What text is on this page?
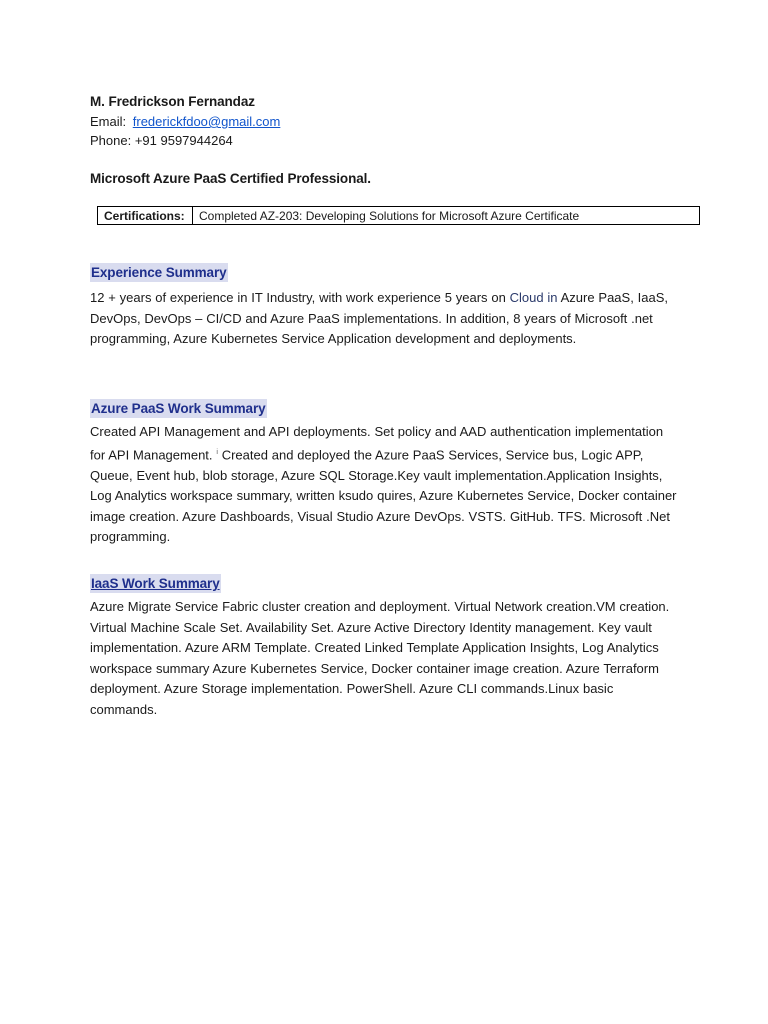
M. Fredrickson Fernandaz

Email: frederickfdoo@gmail.com

Phone: +91 9597944264

Microsoft Azure PaaS Certified Professional.

Certifications:	Completed AZ-203: Developing Solutions for Microsoft Azure Certificate

Experience Summary

12 + years of experience in IT Industry, with work experience 5 years on Cloud in Azure PaaS, IaaS, DevOps, DevOps – CI/CD and Azure PaaS implementations. In addition, 8 years of Microsoft .net programming, Azure Kubernetes Service Application development and deployments.

Azure PaaS Work Summary

Created API Management and API deployments. Set policy and AAD authentication implementation for API Management. $^i$ Created and deployed the Azure PaaS Services, Service bus, Logic APP, Queue, Event hub, blob storage, Azure SQL Storage.Key vault implementation.Application Insights, Log Analytics workspace summary, written ksudo quires, Azure Kubernetes Service, Docker container image creation. Azure Dashboards, Visual Studio Azure DevOps. VSTS. GitHub. TFS. Microsoft .Net programming.

IaaS Work Summary

Azure Migrate Service Fabric cluster creation and deployment. Virtual Network creation.VM creation. Virtual Machine Scale Set. Availability Set. Azure Active Directory Identity management. Key vault implementation. Azure ARM Template. Created Linked Template Application Insights, Log Analytics workspace summary Azure Kubernetes Service, Docker container image creation. Azure Terraform deployment. Azure Storage implementation. PowerShell. Azure CLI commands.Linux basic commands.
